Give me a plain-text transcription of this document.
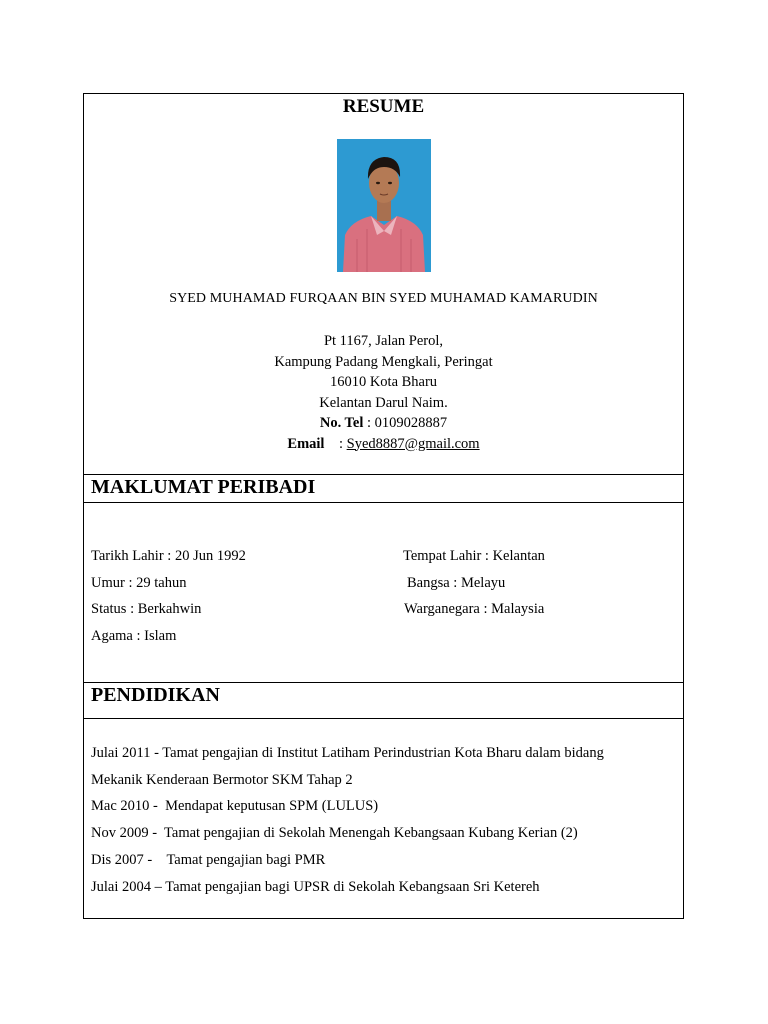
RESUME
SYED MUHAMAD FURQAAN BIN SYED MUHAMAD KAMARUDIN
Pt 1167, Jalan Perol,
Kampung Padang Mengkali, Peringat
16010 Kota Bharu
Kelantan Darul Naim.
No. Tel : 0109028887
Email    : Syed8887@gmail.com
MAKLUMAT PERIBADI
Tarikh Lahir : 20 Jun 1992
Umur : 29 tahun
Status : Berkahwin
Agama : Islam
Tempat Lahir : Kelantan
Bangsa : Melayu
Warganegara : Malaysia
PENDIDIKAN
Julai 2011 - Tamat pengajian di Institut Latiham Perindustrian Kota Bharu dalam bidang
Mekanik Kenderaan Bermotor SKM Tahap 2
Mac 2010 -  Mendapat keputusan SPM (LULUS)
Nov 2009 -  Tamat pengajian di Sekolah Menengah Kebangsaan Kubang Kerian (2)
Dis 2007 -    Tamat pengajian bagi PMR
Julai 2004 – Tamat pengajian bagi UPSR di Sekolah Kebangsaan Sri Ketereh
